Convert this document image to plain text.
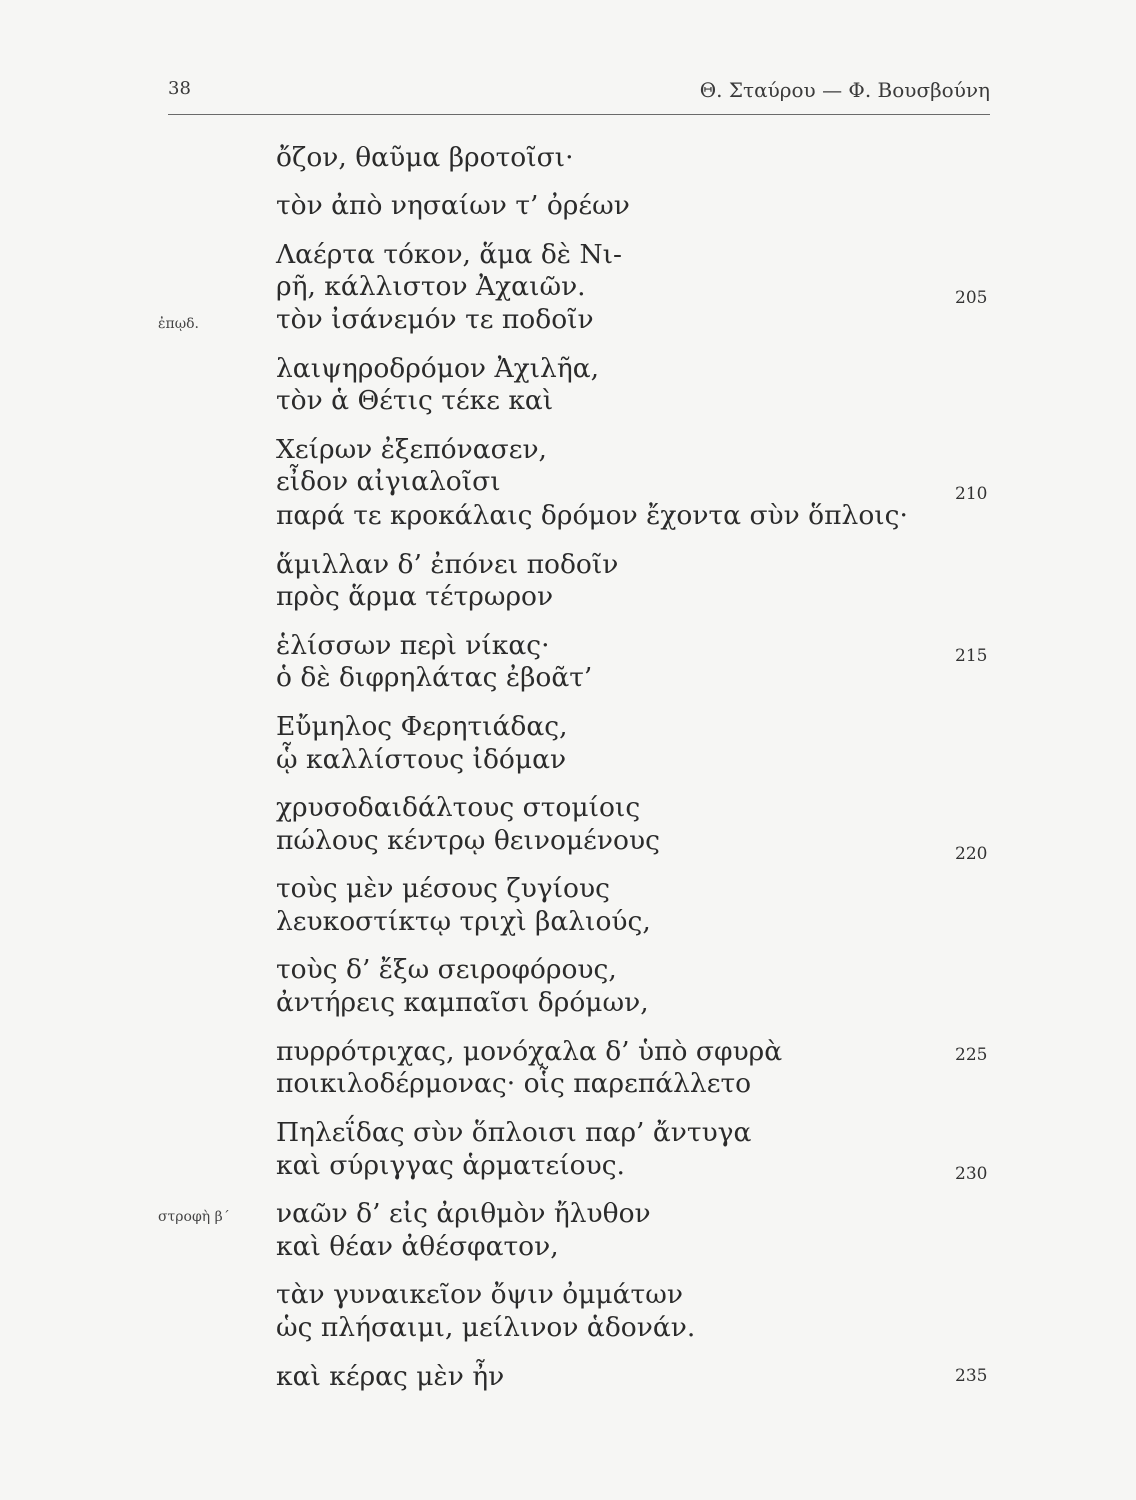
38	Θ. Σταύρου — Φ. Βουσβούνη
ὄζον, θαῦμα βροτοῖσι·
τὸν ἀπὸ νησαίων τ’ ὀρέων
Λαέρτα τόκον, ἅμα δὲ Νι-
ρῆ, κάλλιστον Ἀχαιῶν.
τὸν ἰσάνεμόν τε ποδοῖν
λαιψηροδρόμον Ἀχιλῆα,
τὸν ἁ Θέτις τέκε καὶ
Χείρων ἐξεπόνασεν,
εἶδον αἰγιαλοῖσι
παρά τε κροκάλαις δρόμον ἔχοντα σὺν ὅπλοις·
ἅμιλλαν δ’ ἐπόνει ποδοῖν
πρὸς ἅρμα τέτρωρον
ἑλίσσων περὶ νίκας·
ὁ δὲ διφρηλάτας ἐβοᾶτ’
Εὔμηλος Φερητιάδας,
ᾧ καλλίστους ἰδόμαν
χρυσοδαιδάλτους στομίοις
πώλους κέντρῳ θεινομένους
τοὺς μὲν μέσους ζυγίους
λευκοστίκτῳ τριχὶ βαλιούς,
τοὺς δ’ ἔξω σειροφόρους,
ἀντήρεις καμπαῖσι δρόμων,
πυρρότριχας, μονόχαλα δ’ ὑπὸ σφυρὰ
ποικιλοδέρμονας· οἷς παρεπάλλετο
Πηλεΐδας σὺν ὅπλοισι παρ’ ἄντυγα
καὶ σύριγγας ἁρματείους.
ναῶν δ’ εἰς ἀριθμὸν ἤλυθον
καὶ θέαν ἀθέσφατον,
τὰν γυναικεῖον ὄψιν ὀμμάτων
ὡς πλήσαιμι, μείλινον ἁδονάν.
καὶ κέρας μὲν ἦν
ἐπῳδ.
στροφὴ β΄
205
210
215
220
225
230
235
